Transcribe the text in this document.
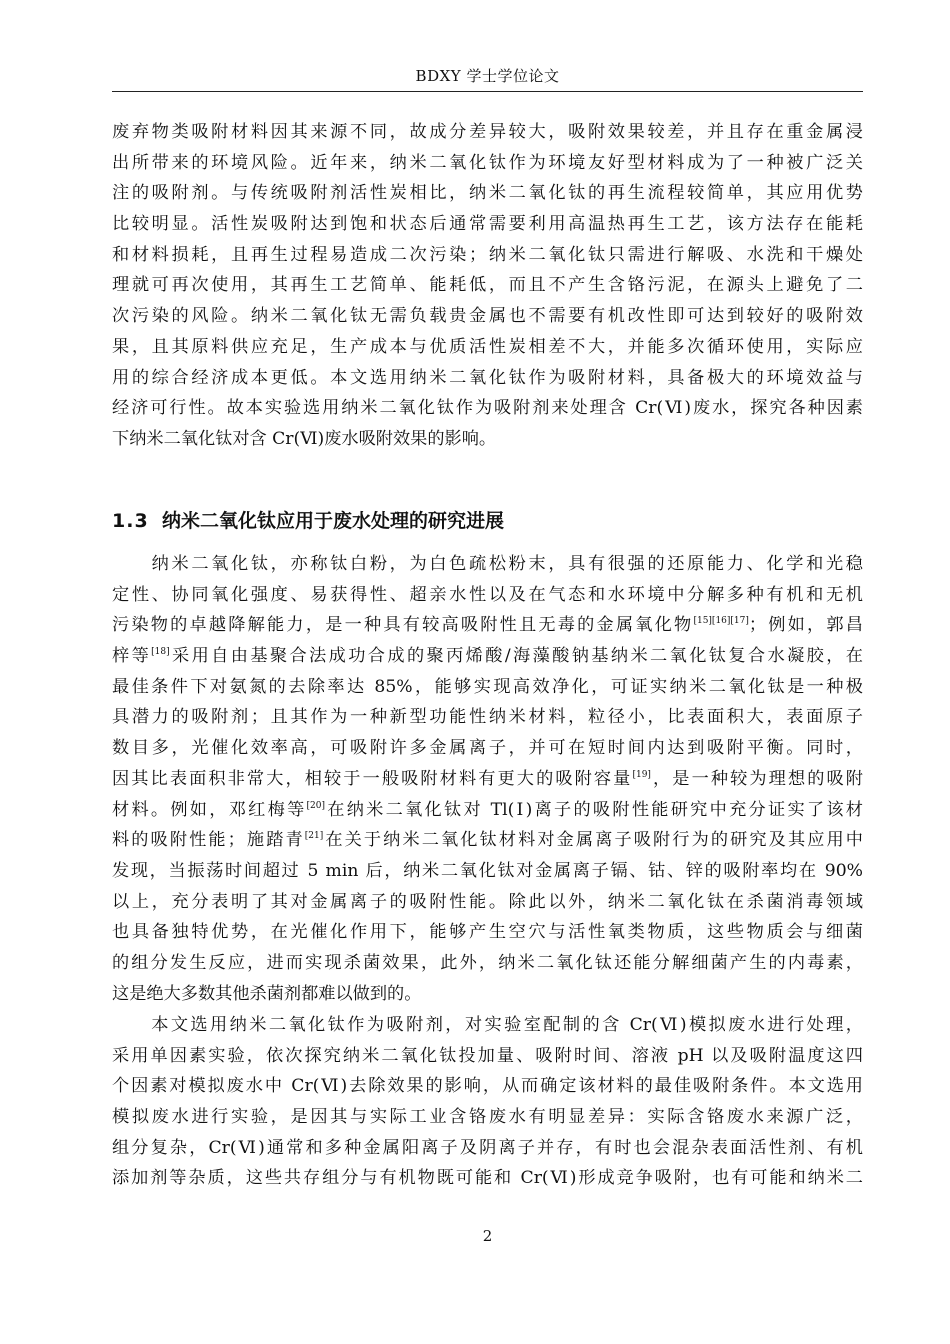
BDXY 学士学位论文
废弃物类吸附材料因其来源不同，故成分差异较大，吸附效果较差，并且存在重金属浸
出所带来的环境风险。近年来，纳米二氧化钛作为环境友好型材料成为了一种被广泛关
注的吸附剂。与传统吸附剂活性炭相比，纳米二氧化钛的再生流程较简单，其应用优势
比较明显。活性炭吸附达到饱和状态后通常需要利用高温热再生工艺，该方法存在能耗
和材料损耗，且再生过程易造成二次污染；纳米二氧化钛只需进行解吸、水洗和干燥处
理就可再次使用，其再生工艺简单、能耗低，而且不产生含铬污泥，在源头上避免了二
次污染的风险。纳米二氧化钛无需负载贵金属也不需要有机改性即可达到较好的吸附效
果，且其原料供应充足，生产成本与优质活性炭相差不大，并能多次循环使用，实际应
用的综合经济成本更低。本文选用纳米二氧化钛作为吸附材料，具备极大的环境效益与
经济可行性。故本实验选用纳米二氧化钛作为吸附剂来处理含 Cr(Ⅵ)废水，探究各种因素
下纳米二氧化钛对含 Cr(Ⅵ)废水吸附效果的影响。
1.3 纳米二氧化钛应用于废水处理的研究进展
　　纳米二氧化钛，亦称钛白粉，为白色疏松粉末，具有很强的还原能力、化学和光稳
定性、协同氧化强度、易获得性、超亲水性以及在气态和水环境中分解多种有机和无机
污染物的卓越降解能力，是一种具有较高吸附性且无毒的金属氧化物[15][16][17]；例如，郭昌
梓等[18]采用自由基聚合法成功合成的聚丙烯酸/海藻酸钠基纳米二氧化钛复合水凝胶，在
最佳条件下对氨氮的去除率达 85%，能够实现高效净化，可证实纳米二氧化钛是一种极
具潜力的吸附剂；且其作为一种新型功能性纳米材料，粒径小，比表面积大，表面原子
数目多，光催化效率高，可吸附许多金属离子，并可在短时间内达到吸附平衡。同时，
因其比表面积非常大，相较于一般吸附材料有更大的吸附容量[19]，是一种较为理想的吸附
材料。例如，邓红梅等[20]在纳米二氧化钛对 Tl(Ⅰ)离子的吸附性能研究中充分证实了该材
料的吸附性能；施踏青[21]在关于纳米二氧化钛材料对金属离子吸附行为的研究及其应用中
发现，当振荡时间超过 5 min 后，纳米二氧化钛对金属离子镉、钴、锌的吸附率均在 90%
以上，充分表明了其对金属离子的吸附性能。除此以外，纳米二氧化钛在杀菌消毒领域
也具备独特优势，在光催化作用下，能够产生空穴与活性氧类物质，这些物质会与细菌
的组分发生反应，进而实现杀菌效果，此外，纳米二氧化钛还能分解细菌产生的内毒素，
这是绝大多数其他杀菌剂都难以做到的。
　　本文选用纳米二氧化钛作为吸附剂，对实验室配制的含 Cr(Ⅵ)模拟废水进行处理，
采用单因素实验，依次探究纳米二氧化钛投加量、吸附时间、溶液 pH 以及吸附温度这四
个因素对模拟废水中 Cr(Ⅵ)去除效果的影响，从而确定该材料的最佳吸附条件。本文选用
模拟废水进行实验，是因其与实际工业含铬废水有明显差异：实际含铬废水来源广泛，
组分复杂，Cr(Ⅵ)通常和多种金属阳离子及阴离子并存，有时也会混杂表面活性剂、有机
添加剂等杂质，这些共存组分与有机物既可能和 Cr(Ⅵ)形成竞争吸附，也有可能和纳米二
2
